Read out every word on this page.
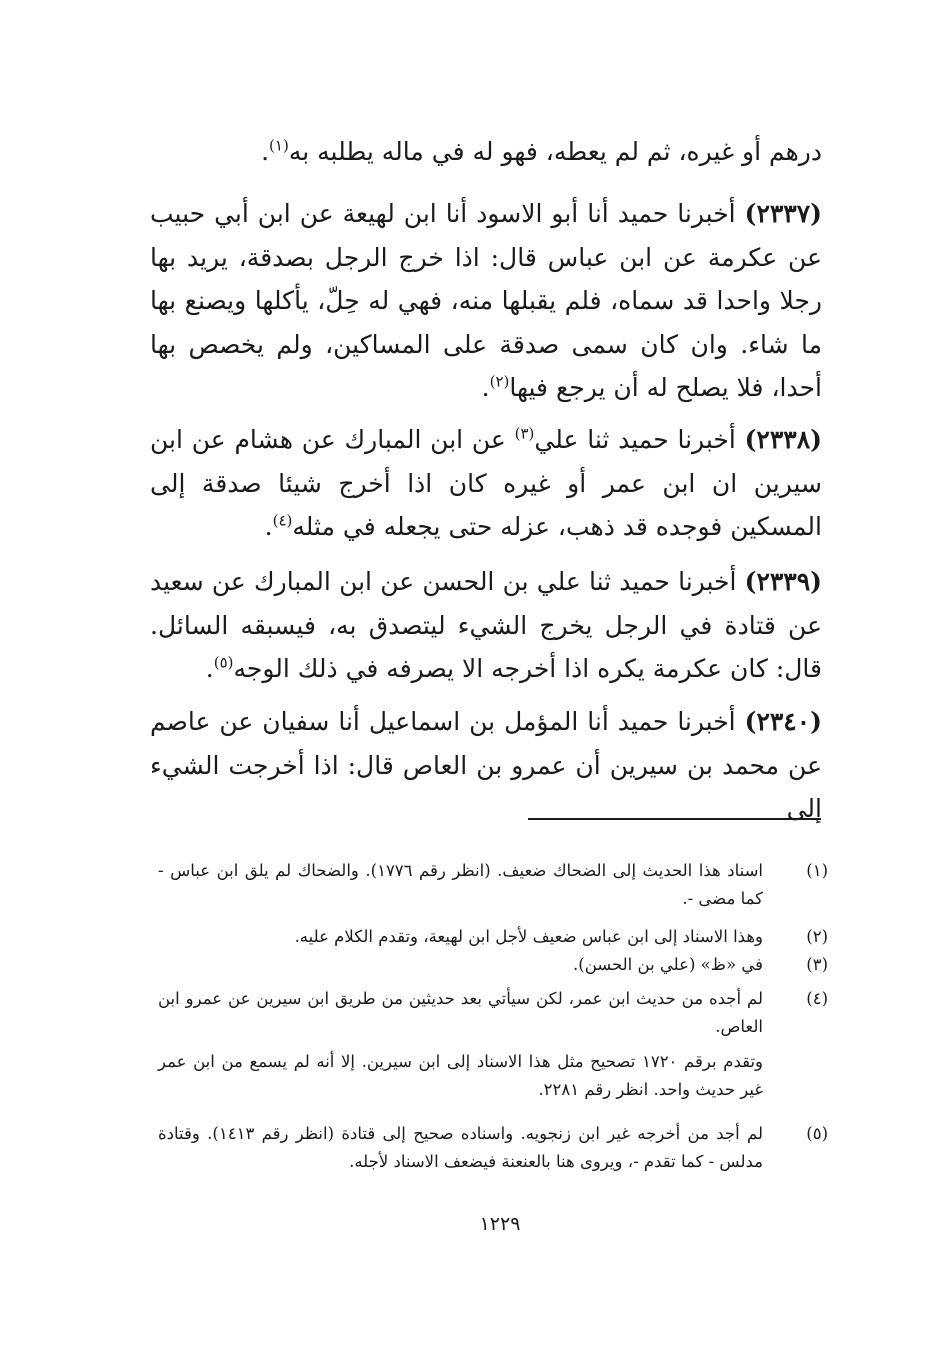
درهم أو غيره، ثم لم يعطه، فهو له في ماله يطلبه به$^{(١)}$.

(٢٣٣٧) أخبرنا حميد أنا أبو الاسود أنا ابن لهيعة عن ابن أبي حبيب عن عكرمة عن ابن عباس قال: اذا خرج الرجل بصدقة، يريد بها رجلا واحدا قد سماه، فلم يقبلها منه، فهي له حِلّ، يأكلها ويصنع بها ما شاء. وان كان سمى صدقة على المساكين، ولم يخصص بها أحدا، فلا يصلح له أن يرجع فيها$^{(٢)}$.

(٢٣٣٨) أخبرنا حميد ثنا علي$^{(٣)}$ عن ابن المبارك عن هشام عن ابن سيرين ان ابن عمر أو غيره كان اذا أخرج شيئا صدقة إلى المسكين فوجده قد ذهب، عزله حتى يجعله في مثله$^{(٤)}$.

(٢٣٣٩) أخبرنا حميد ثنا علي بن الحسن عن ابن المبارك عن سعيد عن قتادة في الرجل يخرج الشيء ليتصدق به، فيسبقه السائل. قال: كان عكرمة يكره اذا أخرجه الا يصرفه في ذلك الوجه$^{(٥)}$.

(٢٣٤٠) أخبرنا حميد أنا المؤمل بن اسماعيل أنا سفيان عن عاصم عن محمد بن سيرين أن عمرو بن العاص قال: اذا أخرجت الشيء إلى

(١)
اسناد هذا الحديث إلى الضحاك ضعيف. (انظر رقم ١٧٧٦). والضحاك لم يلق ابن عباس - كما مضى -.
(٢)
وهذا الاسناد إلى ابن عباس ضعيف لأجل ابن لهيعة، وتقدم الكلام عليه.
(٣)
في «ظ» (علي بن الحسن).
(٤)
لم أجده من حديث ابن عمر، لكن سيأتي بعد حديثين من طريق ابن سيرين عن عمرو ابن العاص.
وتقدم برقم ١٧٢٠ تصحيح مثل هذا الاسناد إلى ابن سيرين. إلا أنه لم يسمع من ابن عمر غير حديث واحد. انظر رقم ٢٢٨١.
(٥)
لم أجد من أخرجه غير ابن زنجويه. واسناده صحيح إلى قتادة (انظر رقم ١٤١٣). وقتادة مدلس - كما تقدم -، ويروى هنا بالعنعنة فيضعف الاسناد لأجله.
١٢٢٩
